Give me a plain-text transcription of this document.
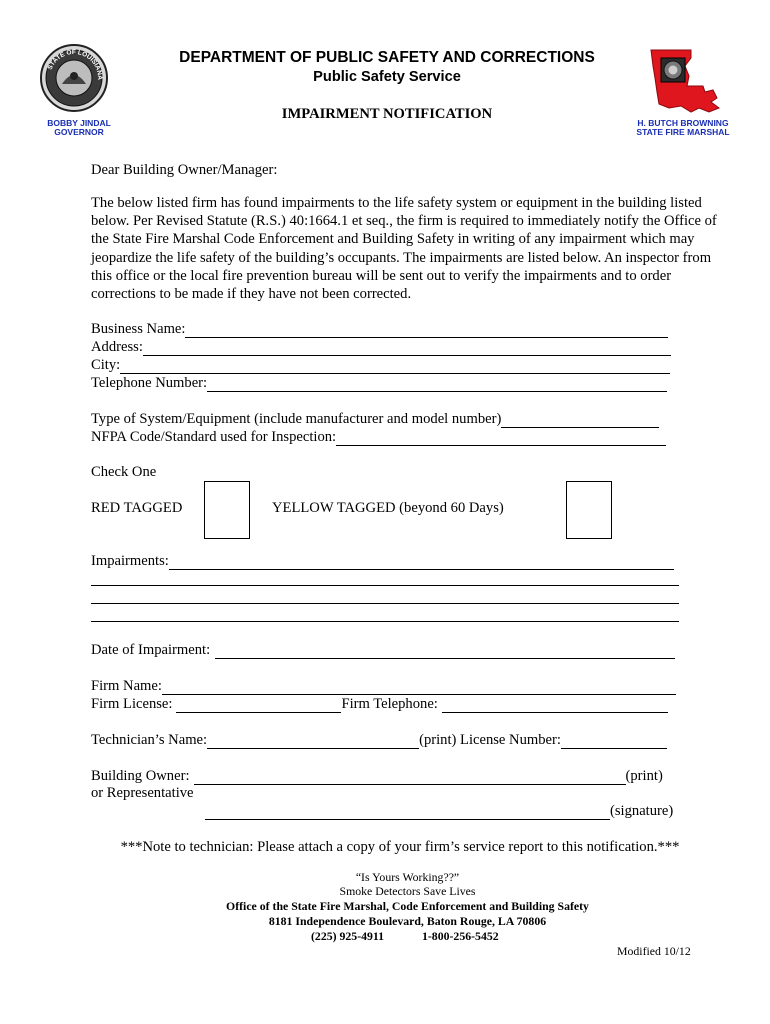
STATE OF LOUISIANA
BOBBY JINDAL
GOVERNOR
H. BUTCH BROWNING
STATE FIRE MARSHAL
DEPARTMENT OF PUBLIC SAFETY AND CORRECTIONS
Public Safety Service
IMPAIRMENT NOTIFICATION
Dear Building Owner/Manager:
The below listed firm has found impairments to the life safety system or equipment in the building listed below. Per Revised Statute (R.S.) 40:1664.1 et seq., the firm is required to immediately notify the Office of the State Fire Marshal Code Enforcement and Building Safety in writing of any impairment which may jeopardize the life safety of the building’s occupants. The impairments are listed below. An inspector from this office or the local fire prevention bureau will be sent out to verify the impairments and to order corrections to be made if they have not been corrected.
Business Name:
Address:
City:
Telephone Number:
Type of System/Equipment (include manufacturer and model number)
NFPA Code/Standard used for Inspection:
Check One
RED TAGGED	YELLOW TAGGED (beyond 60 Days)
Impairments:
Date of Impairment:
Firm Name:
Firm License:	Firm Telephone:
Technician’s Name:	(print) License Number:
Building Owner:	(print)
or Representative
(signature)
***Note to technician: Please attach a copy of your firm’s service report to this notification.***
“Is Yours Working??”
Smoke Detectors Save Lives
Office of the State Fire Marshal, Code Enforcement and Building Safety
8181 Independence Boulevard, Baton Rouge, LA 70806
(225) 925-4911	1-800-256-5452
Modified 10/12
